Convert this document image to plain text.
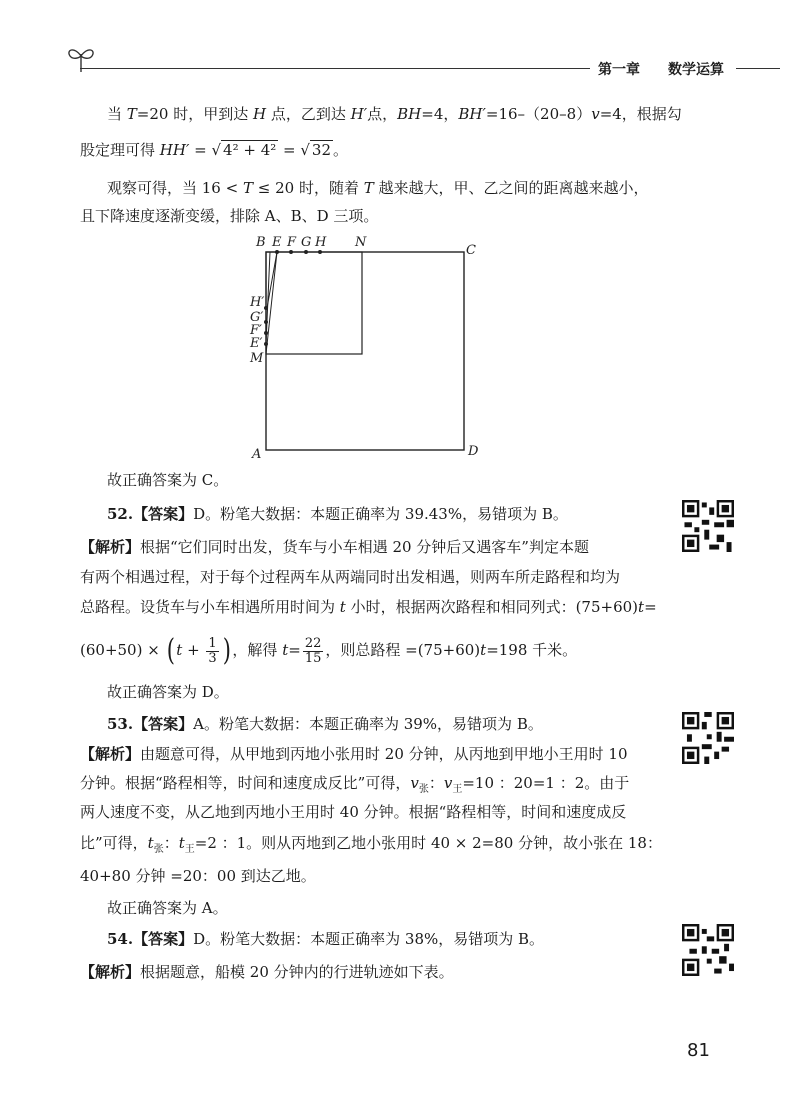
第一章 数学运算
当 T=20 时，甲到达 H 点，乙到达 H′点，BH=4，BH′=16–（20–8）v=4，根据勾
股定理可得 HH′ = √ 4² + 4² = √ 32 。
观察可得，当 16 < T ≤ 20 时，随着 T 越来越大，甲、乙之间的距离越来越小，
且下降速度逐渐变缓，排除 A、B、D 三项。
B E F G H N
C
H′
G′
F′
E′
M
A	D
故正确答案为 C。
52.【答案】D。粉笔大数据：本题正确率为 39.43%，易错项为 B。
【解析】根据“它们同时出发，货车与小车相遇 20 分钟后又遇客车”判定本题
有两个相遇过程，对于每个过程两车从两端同时出发相遇，则两车所走路程和均为
总路程。设货车与小车相遇所用时间为 t 小时，根据两次路程和相同列式：(75+60)t=
(60+50) × ( $t + \frac{1}{3}$ ) ，解得 $t= \frac{22}{15}$ ，则总路程 =(75+60)t=198 千米。
故正确答案为 D。
53.【答案】A。粉笔大数据：本题正确率为 39%，易错项为 B。
【解析】由题意可得，从甲地到丙地小张用时 20 分钟，从丙地到甲地小王用时 10
分钟。根据“路程相等，时间和速度成反比”可得，$v_张$：$v_王=10$ ：20=1 ：2。由于
两人速度不变，从乙地到丙地小王用时 40 分钟。根据“路程相等，时间和速度成反
比”可得，$t_张$：$t_王=2$ ：1。则从丙地到乙地小张用时 40 × 2=80 分钟，故小张在 18：
40+80 分钟 =20：00 到达乙地。
故正确答案为 A。
54.【答案】D。粉笔大数据：本题正确率为 38%，易错项为 B。
【解析】根据题意，船模 20 分钟内的行进轨迹如下表。
81
